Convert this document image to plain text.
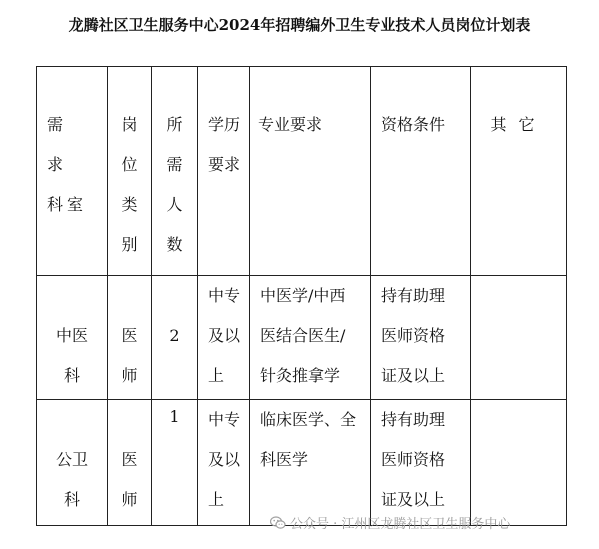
龙腾社区卫生服务中心2024年招聘编外卫生专业技术人员岗位计划表
需　求
科室	岗
位
类
别	所
需
人
数	学历
要求	专业要求	资格条件	其它

中医
科	医
师	2	中专
及以
上	中医学/中西
医结合医生/
针灸推拿学	持有助理
医师资格
证及以上	

公卫
科	医
师	1	中专
及以
上	临床医学、全
科医学	持有助理
医师资格
证及以上	

公众号 · 江州区龙腾社区卫生服务中心
